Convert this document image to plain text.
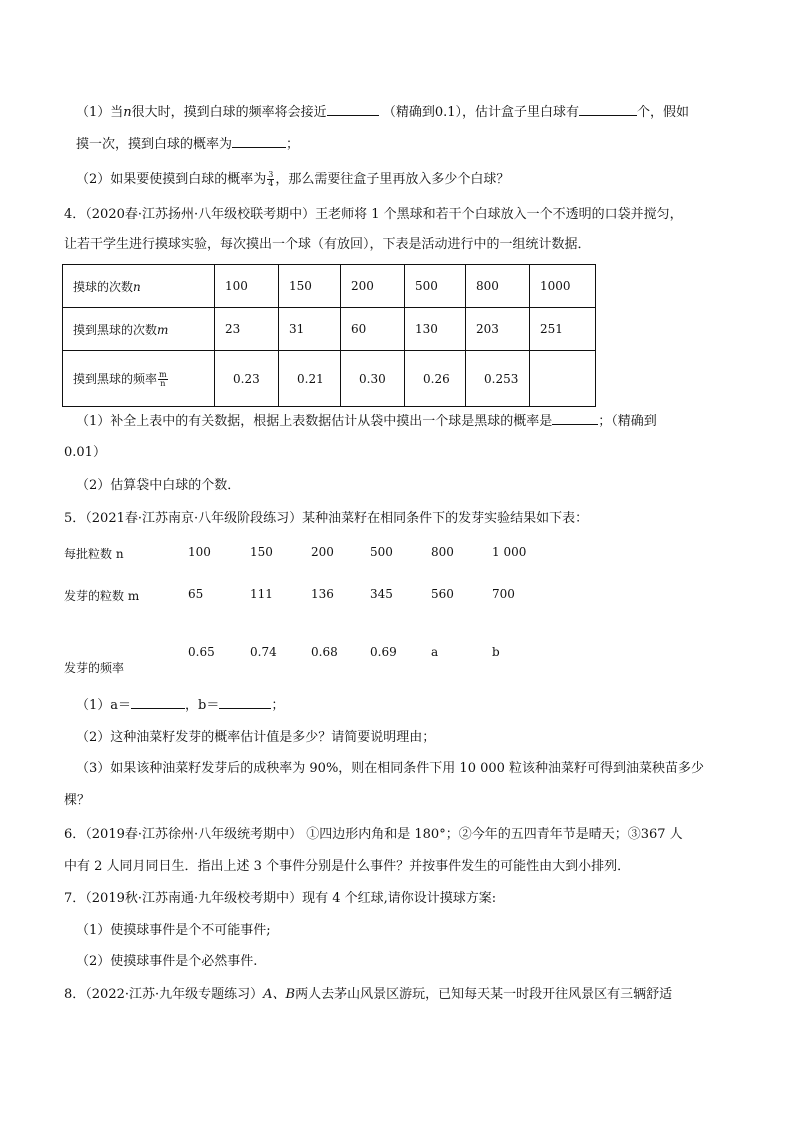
（1）当n很大时，摸到白球的频率将会接近	（精确到0.1），估计盒子里白球有	个，假如
摸一次，摸到白球的概率为	；
（2）如果要使摸到白球的概率为 $\frac{3}{4}$ ，那么需要往盒子里再放入多少个白球？
4．（2020春·江苏扬州·八年级校联考期中）王老师将 1 个黑球和若干个白球放入一个不透明的口袋并搅匀，
让若干学生进行摸球实验，每次摸出一个球（有放回），下表是活动进行中的一组统计数据．
摸球的次数n	100	150	200	500	800	1000
摸到黑球的次数m	23	31	60	130	203	251
摸到黑球的频率 $\frac{m}{n}$	0.23	0.21	0.30	0.26	0.253	
（1）补全上表中的有关数据，根据上表数据估计从袋中摸出一个球是黑球的概率是	；（精确到
0.01）
（2）估算袋中白球的个数．
5．（2021春·江苏南京·八年级阶段练习）某种油菜籽在相同条件下的发芽实验结果如下表：
每批粒数 n	100	150	200	500	800	1 000
发芽的粒数 m	65	111	136	345	560	700
0.65	0.74	0.68	0.69	a	b
发芽的频率
（1）a＝	，b＝	；
（2）这种油菜籽发芽的概率估计值是多少？请简要说明理由；
（3）如果该种油菜籽发芽后的成秧率为 90%，则在相同条件下用 10 000 粒该种油菜籽可得到油菜秧苗多少
棵？
6．（2019春·江苏徐州·八年级统考期中） ①四边形内角和是 180°；②今年的五四青年节是晴天；③367 人
中有 2 人同月同日生．指出上述 3 个事件分别是什么事件？并按事件发生的可能性由大到小排列．
7．（2019秋·江苏南通·九年级校考期中）现有 4 个红球,请你设计摸球方案:
（1）使摸球事件是个不可能事件;
（2）使摸球事件是个必然事件.
8．（2022·江苏·九年级专题练习）A、B两人去茅山风景区游玩，已知每天某一时段开往风景区有三辆舒适
